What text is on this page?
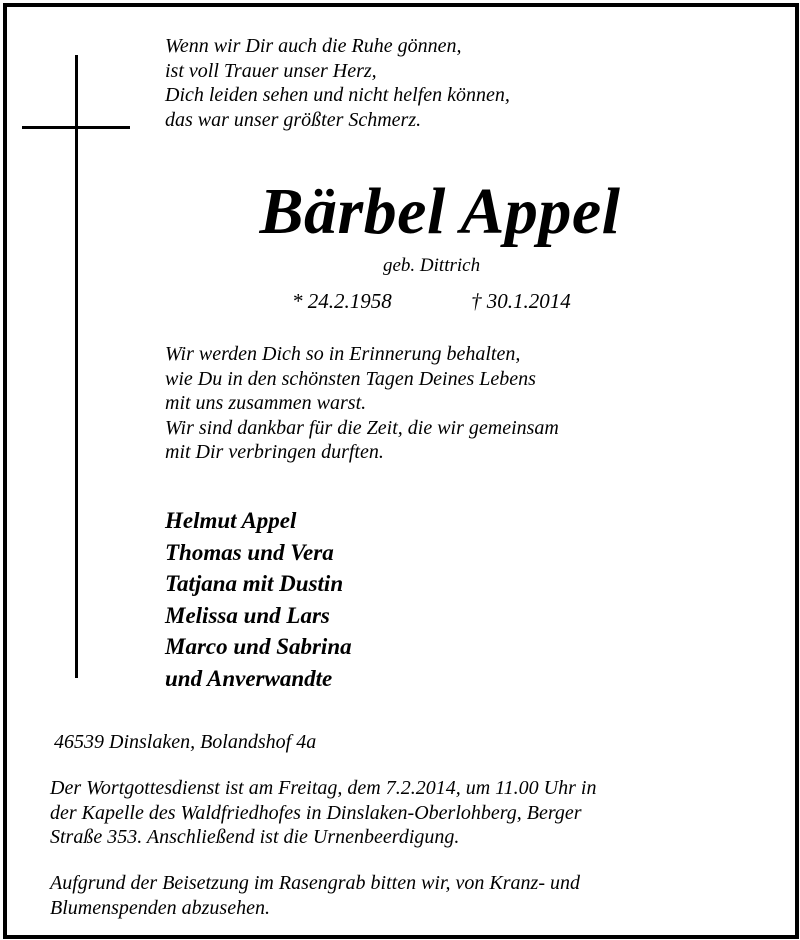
Wenn wir Dir auch die Ruhe gönnen,
ist voll Trauer unser Herz,
Dich leiden sehen und nicht helfen können,
das war unser größter Schmerz.
Bärbel Appel
geb. Dittrich
* 24.2.1958	† 30.1.2014
Wir werden Dich so in Erinnerung behalten,
wie Du in den schönsten Tagen Deines Lebens
mit uns zusammen warst.
Wir sind dankbar für die Zeit, die wir gemeinsam
mit Dir verbringen durften.
Helmut Appel
Thomas und Vera
Tatjana mit Dustin
Melissa und Lars
Marco und Sabrina
und Anverwandte
46539 Dinslaken, Bolandshof 4a
Der Wortgottesdienst ist am Freitag, dem 7.2.2014, um 11.00 Uhr in
der Kapelle des Waldfriedhofes in Dinslaken-Oberlohberg, Berger
Straße 353. Anschließend ist die Urnenbeerdigung.
Aufgrund der Beisetzung im Rasengrab bitten wir, von Kranz- und
Blumenspenden abzusehen.
